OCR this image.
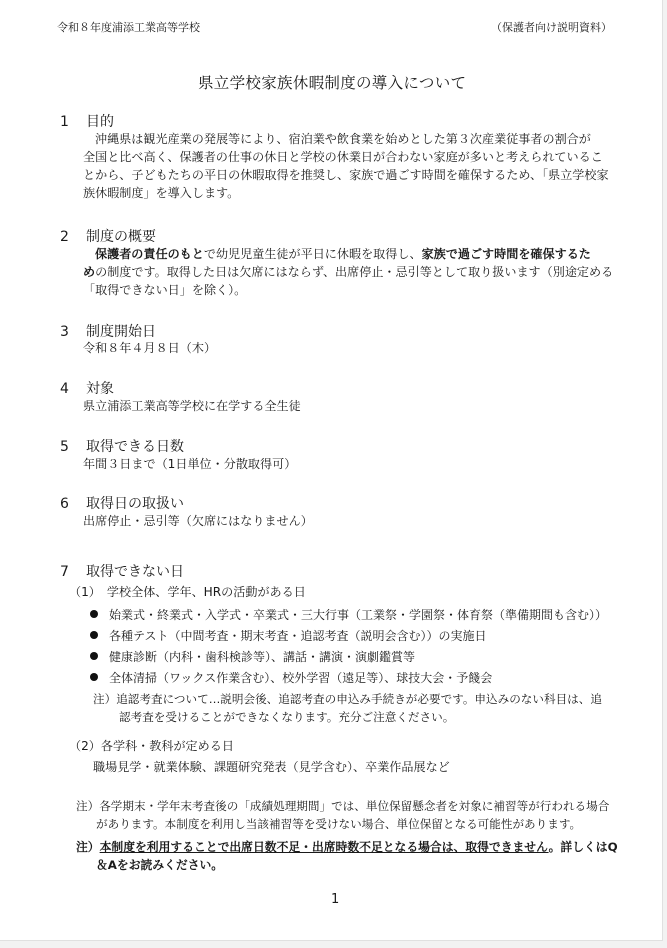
令和８年度浦添工業高等学校	（保護者向け説明資料）
県立学校家族休暇制度の導入について
1 目的
沖縄県は観光産業の発展等により、宿泊業や飲食業を始めとした第３次産業従事者の割合が
全国と比べ高く、保護者の仕事の休日と学校の休業日が合わない家庭が多いと考えられているこ
とから、子どもたちの平日の休暇取得を推奨し、家族で過ごす時間を確保するため、「県立学校家
族休暇制度」を導入します。
2 制度の概要
保護者の責任のもとで幼児児童生徒が平日に休暇を取得し、家族で過ごす時間を確保するた
めの制度です。取得した日は欠席にはならず、出席停止・忌引等として取り扱います（別途定める
「取得できない日」を除く）。
3 制度開始日
令和８年４月８日（木）
4 対象
県立浦添工業高等学校に在学する全生徒
5 取得できる日数
年間３日まで（1日単位・分散取得可）
6 取得日の取扱い
出席停止・忌引等（欠席にはなりません）
7 取得できない日
（1）　学校全体、学年、HRの活動がある日
始業式・終業式・入学式・卒業式・三大行事（工業祭・学園祭・体育祭（準備期間も含む））
各種テスト（中間考査・期末考査・追認考査（説明会含む））の実施日
健康診断（内科・歯科検診等）、講話・講演・演劇鑑賞等
全体清掃（ワックス作業含む）、校外学習（遠足等）、球技大会・予餞会
注）追認考査について…説明会後、追認考査の申込み手続きが必要です。申込みのない科目は、追
認考査を受けることができなくなります。充分ご注意ください。
（2）各学科・教科が定める日
職場見学・就業体験、課題研究発表（見学含む）、卒業作品展など
注）各学期末・学年末考査後の「成績処理期間」では、単位保留懸念者を対象に補習等が行われる場合
があります。本制度を利用し当該補習等を受けない場合、単位保留となる可能性があります。
注）本制度を利用することで出席日数不足・出席時数不足となる場合は、取得できません。詳しくはQ
＆Aをお読みください。
1
